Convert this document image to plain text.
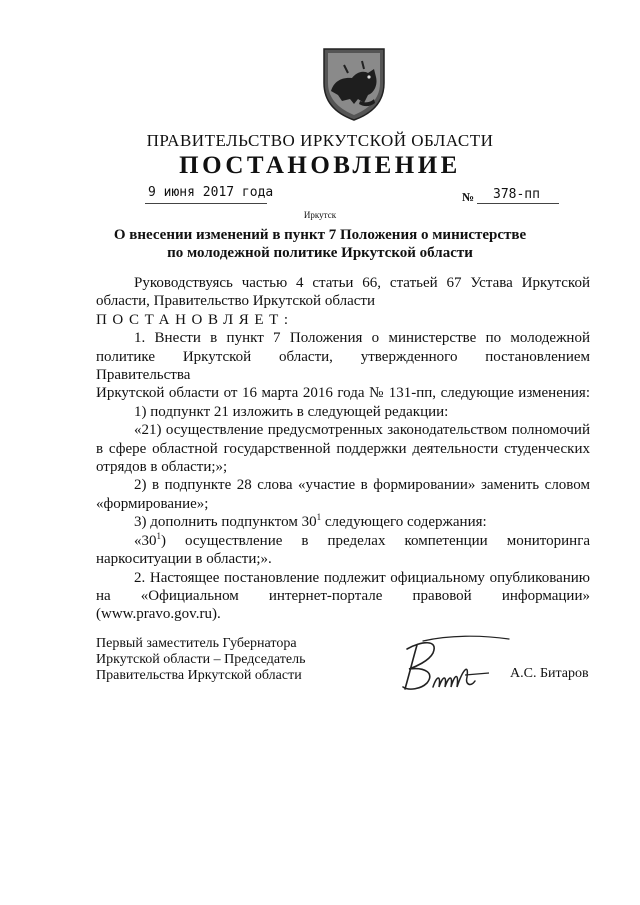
ПРАВИТЕЛЬСТВО ИРКУТСКОЙ ОБЛАСТИ
ПОСТАНОВЛЕНИЕ
9 июня 2017 года	№ 378-пп
Иркутск
О внесении изменений в пункт 7 Положения о министерстве
по молодежной политике Иркутской области

Руководствуясь частью 4 статьи 66, статьей 67 Устава Иркутской

области, Правительство Иркутской области

ПОСТАНОВЛЯЕТ:

1. Внести в пункт 7 Положения о министерстве по молодежной

политике Иркутской области, утвержденного постановлением Правительства

Иркутской области от 16 марта 2016 года № 131-пп, следующие изменения:

1) подпункт 21 изложить в следующей редакции:

«21) осуществление предусмотренных законодательством полномочий

в сфере областной государственной поддержки деятельности студенческих

отрядов в области;»;

2) в подпункте 28 слова «участие в формировании» заменить словом

«формирование»;

3) дополнить подпунктом $30^1$ следующего содержания:

«$30^1$) осуществление в пределах компетенции мониторинга

наркоситуации в области;».

2. Настоящее постановление подлежит официальному опубликованию

на «Официальном интернет-портале правовой информации»

(www.pravo.gov.ru).

Первый заместитель Губернатора
Иркутской области – Председатель
Правительства Иркутской области	А.С. Битаров
